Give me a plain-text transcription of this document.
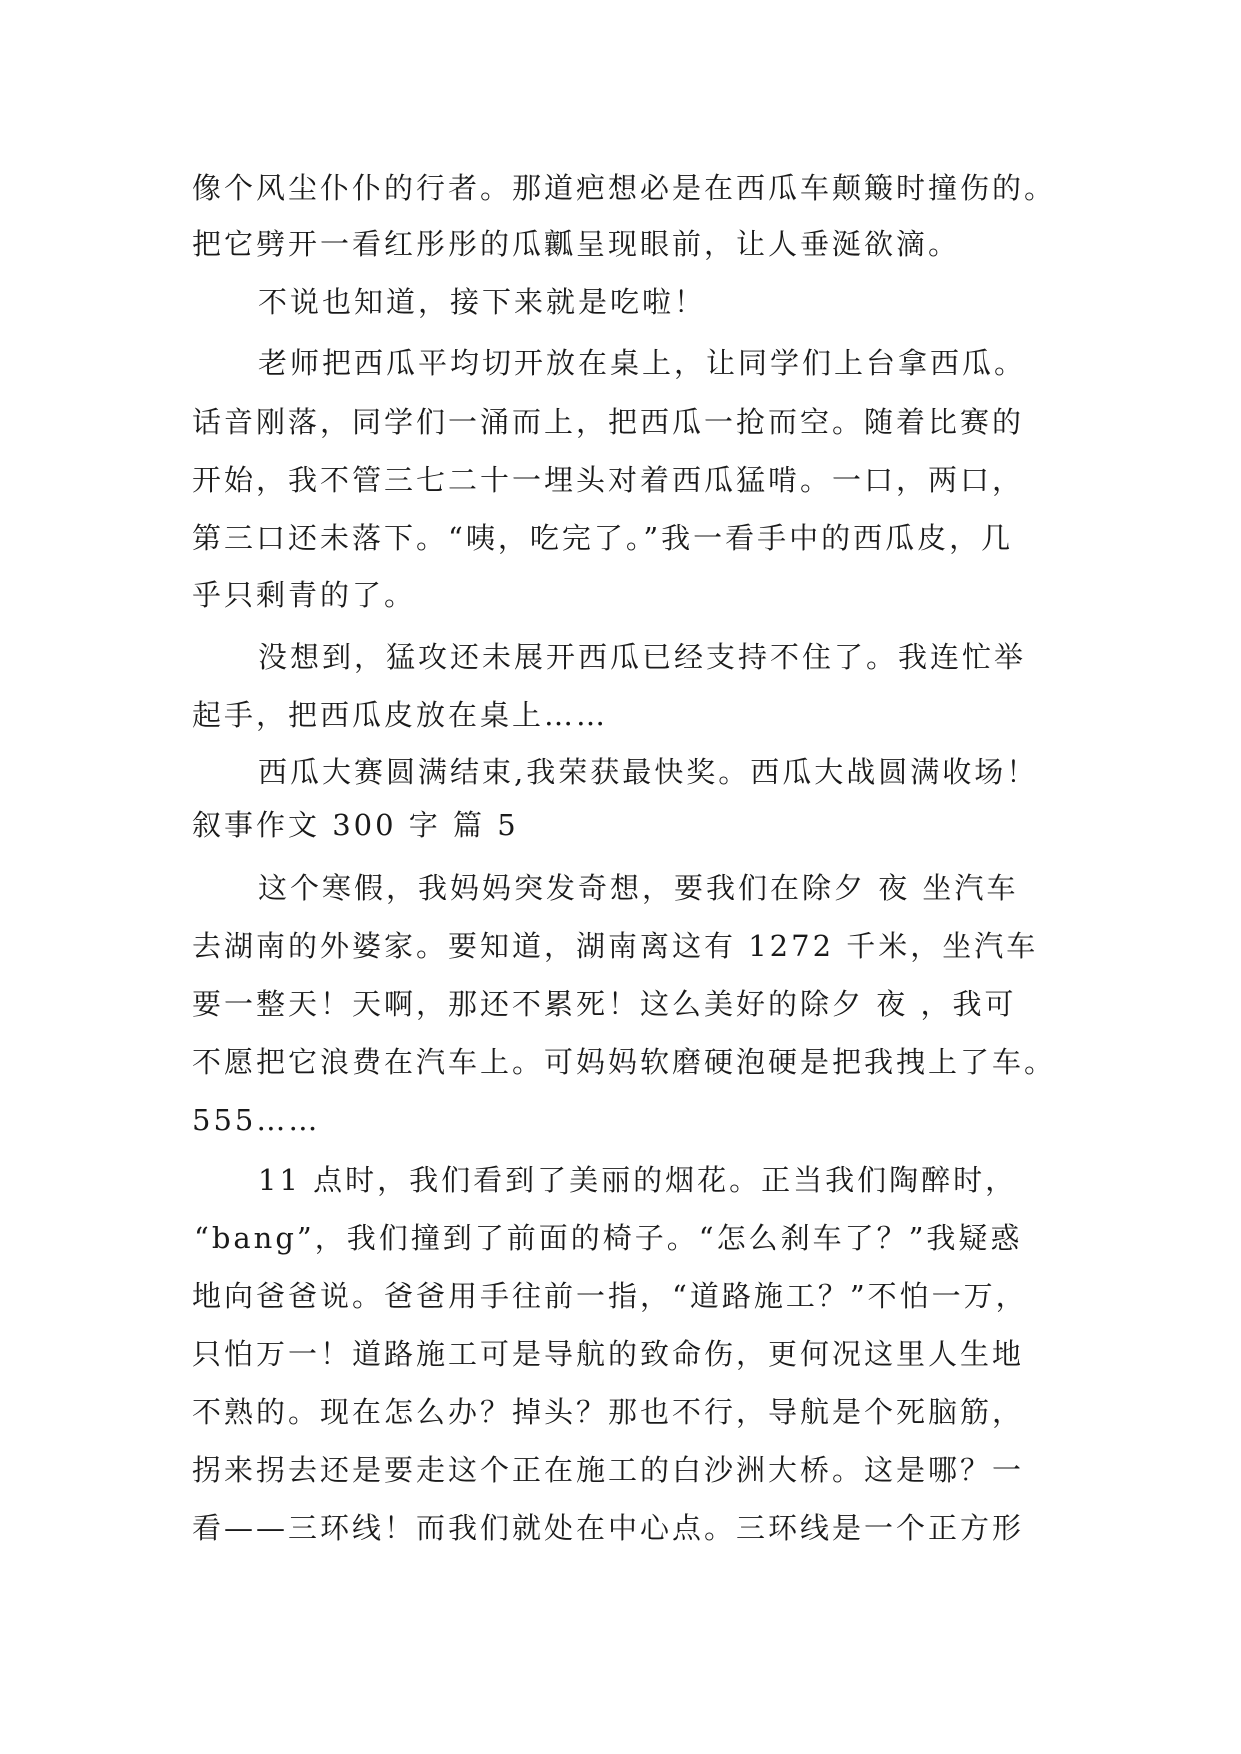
像个风尘仆仆的行者。那道疤想必是在西瓜车颠簸时撞伤的。

把它劈开一看红彤彤的瓜瓤呈现眼前，让人垂涎欲滴。

不说也知道，接下来就是吃啦！

老师把西瓜平均切开放在桌上，让同学们上台拿西瓜。

话音刚落，同学们一涌而上，把西瓜一抢而空。随着比赛的

开始，我不管三七二十一埋头对着西瓜猛啃。一口，两口，

第三口还未落下。“咦，吃完了。”我一看手中的西瓜皮，几

乎只剩青的了。

没想到，猛攻还未展开西瓜已经支持不住了。我连忙举

起手，把西瓜皮放在桌上……

西瓜大赛圆满结束,我荣获最快奖。西瓜大战圆满收场！

叙事作文 300 字 篇 5

这个寒假，我妈妈突发奇想，要我们在除夕 夜 坐汽车

去湖南的外婆家。要知道，湖南离这有 1272 千米，坐汽车

要一整天！天啊，那还不累死！这么美好的除夕 夜 ，我可

不愿把它浪费在汽车上。可妈妈软磨硬泡硬是把我拽上了车。

555……

11 点时，我们看到了美丽的烟花。正当我们陶醉时，

“bang”，我们撞到了前面的椅子。“怎么刹车了？”我疑惑

地向爸爸说。爸爸用手往前一指，“道路施工？”不怕一万，

只怕万一！道路施工可是导航的致命伤，更何况这里人生地

不熟的。现在怎么办？掉头？那也不行，导航是个死脑筋，

拐来拐去还是要走这个正在施工的白沙洲大桥。这是哪？一

看——三环线！而我们就处在中心点。三环线是一个正方形
